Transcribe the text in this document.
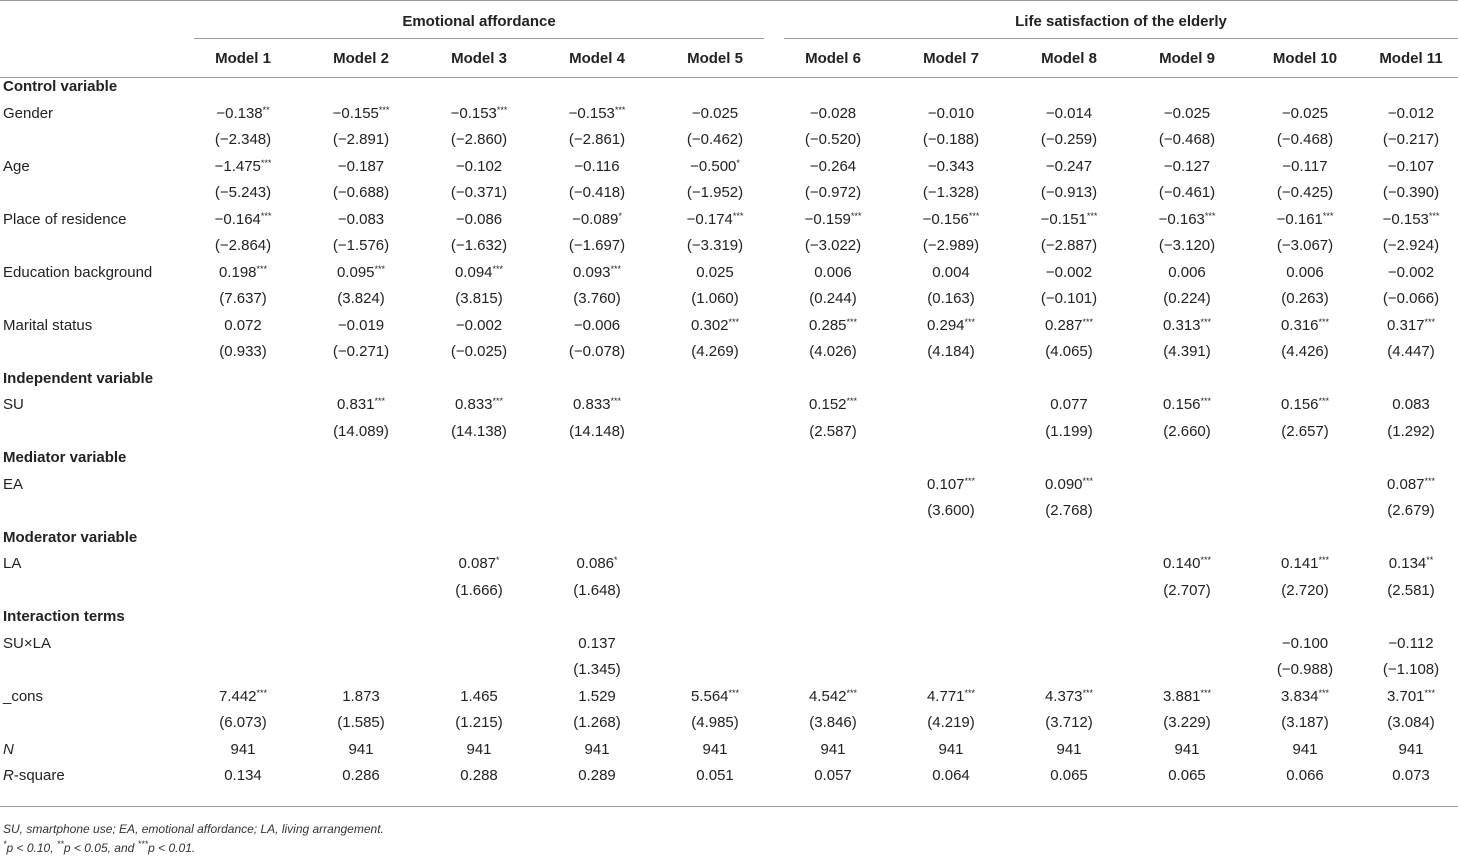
Emotional affordance	Life satisfaction of the elderly
	Model 1	Model 2	Model 3	Model 4	Model 5	Model 6	Model 7	Model 8	Model 9	Model 10	Model 11
Control variable											
Gender	−0.138**	−0.155***	−0.153***	−0.153***	−0.025	−0.028	−0.010	−0.014	−0.025	−0.025	−0.012
	(−2.348)	(−2.891)	(−2.860)	(−2.861)	(−0.462)	(−0.520)	(−0.188)	(−0.259)	(−0.468)	(−0.468)	(−0.217)
Age	−1.475***	−0.187	−0.102	−0.116	−0.500*	−0.264	−0.343	−0.247	−0.127	−0.117	−0.107
	(−5.243)	(−0.688)	(−0.371)	(−0.418)	(−1.952)	(−0.972)	(−1.328)	(−0.913)	(−0.461)	(−0.425)	(−0.390)
Place of residence	−0.164***	−0.083	−0.086	−0.089*	−0.174***	−0.159***	−0.156***	−0.151***	−0.163***	−0.161***	−0.153***
	(−2.864)	(−1.576)	(−1.632)	(−1.697)	(−3.319)	(−3.022)	(−2.989)	(−2.887)	(−3.120)	(−3.067)	(−2.924)
Education background	0.198***	0.095***	0.094***	0.093***	0.025	0.006	0.004	−0.002	0.006	0.006	−0.002
	(7.637)	(3.824)	(3.815)	(3.760)	(1.060)	(0.244)	(0.163)	(−0.101)	(0.224)	(0.263)	(−0.066)
Marital status	0.072	−0.019	−0.002	−0.006	0.302***	0.285***	0.294***	0.287***	0.313***	0.316***	0.317***
	(0.933)	(−0.271)	(−0.025)	(−0.078)	(4.269)	(4.026)	(4.184)	(4.065)	(4.391)	(4.426)	(4.447)
Independent variable											
SU		0.831***	0.833***	0.833***		0.152***		0.077	0.156***	0.156***	0.083
		(14.089)	(14.138)	(14.148)		(2.587)		(1.199)	(2.660)	(2.657)	(1.292)
Mediator variable											
EA							0.107***	0.090***			0.087***
							(3.600)	(2.768)			(2.679)
Moderator variable											
LA			0.087*	0.086*					0.140***	0.141***	0.134**
			(1.666)	(1.648)					(2.707)	(2.720)	(2.581)
Interaction terms											
SU×LA				0.137						−0.100	−0.112
				(1.345)						(−0.988)	(−1.108)
_cons	7.442***	1.873	1.465	1.529	5.564***	4.542***	4.771***	4.373***	3.881***	3.834***	3.701***
	(6.073)	(1.585)	(1.215)	(1.268)	(4.985)	(3.846)	(4.219)	(3.712)	(3.229)	(3.187)	(3.084)
N	941	941	941	941	941	941	941	941	941	941	941
R-square	0.134	0.286	0.288	0.289	0.051	0.057	0.064	0.065	0.065	0.066	0.073
SU, smartphone use; EA, emotional affordance; LA, living arrangement.
*p < 0.10, **p < 0.05, and ***p < 0.01.
